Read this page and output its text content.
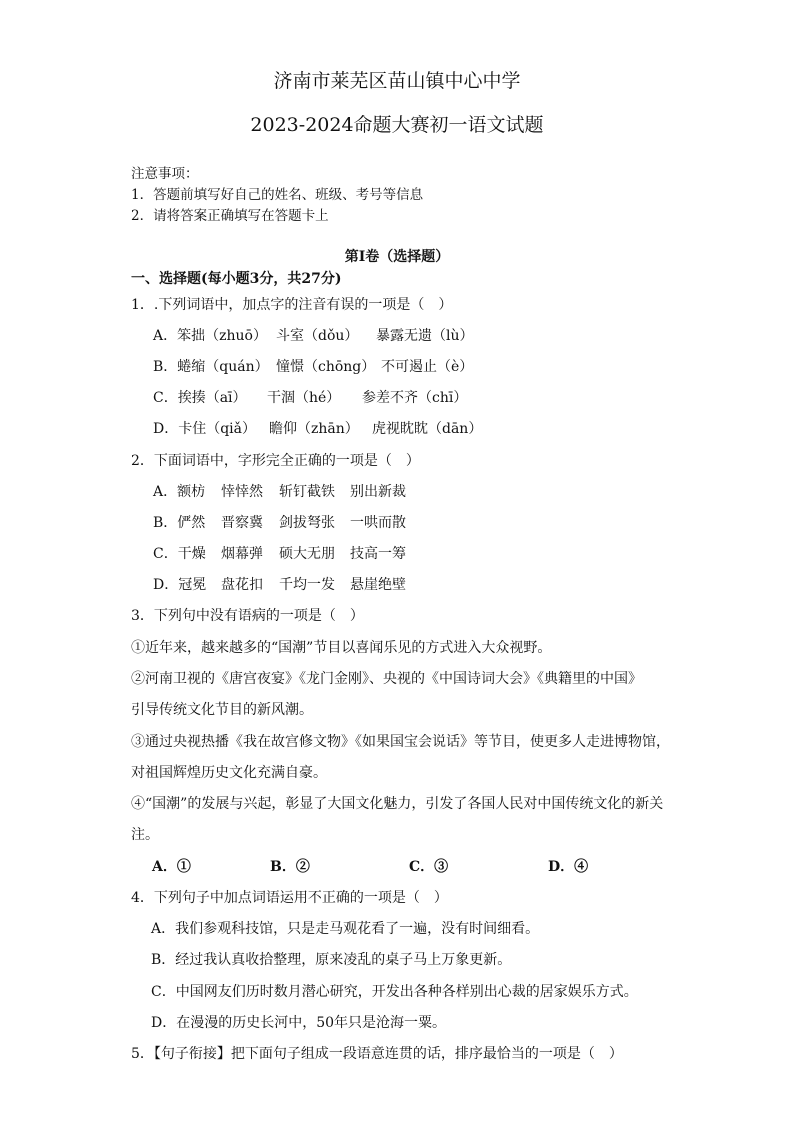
济南市莱芜区苗山镇中心中学
2023-2024命题大赛初一语文试题
注意事项：
1．答题前填写好自己的姓名、班级、考号等信息
2．请将答案正确填写在答题卡上
第I卷（选择题）
一、选择题(每小题3分，共27分)
1．.下列词语中，加点字的注音有误的一项是（　）
A．笨拙（zhuō） 斗室（dǒu） 暴露无遗（lù）
B．蜷缩（quán） 憧憬（chōng） 不可遏止（è）
C．挨揍（aī） 干涸（hé） 参差不齐（chī）
D．卡住（qiǎ） 瞻仰（zhān） 虎视眈眈（dān）
2．下面词语中，字形完全正确的一项是（　）
A．额枋 悻悻然 斩钉截铁 别出新裁
B．俨然 晋察冀 剑拔弩张 一哄而散
C．干燥 烟幕弹 硕大无朋 技高一筹
D．冠冕 盘花扣 千均一发 悬崖绝壁
3．下列句中没有语病的一项是（　）
①近年来，越来越多的“国潮”节目以喜闻乐见的方式进入大众视野。
②河南卫视的《唐宫夜宴》《龙门金刚》、央视的《中国诗词大会》《典籍里的中国》
引导传统文化节目的新风潮。
③通过央视热播《我在故宫修文物》《如果国宝会说话》等节目，使更多人走进博物馆，
对祖国辉煌历史文化充满自豪。
④“国潮”的发展与兴起，彰显了大国文化魅力，引发了各国人民对中国传统文化的新关
注。
A．①	B．②	C．③	D．④
4．下列句子中加点词语运用不正确的一项是（　）
A．我们参观科技馆，只是走马观花看了一遍，没有时间细看。
B．经过我认真收拾整理，原来凌乱的桌子马上万象更新。
C．中国网友们历时数月潜心研究，开发出各种各样别出心裁的居家娱乐方式。
D．在漫漫的历史长河中，50年只是沧海一粟。
5．【句子衔接】把下面句子组成一段语意连贯的话，排序最恰当的一项是（　）
